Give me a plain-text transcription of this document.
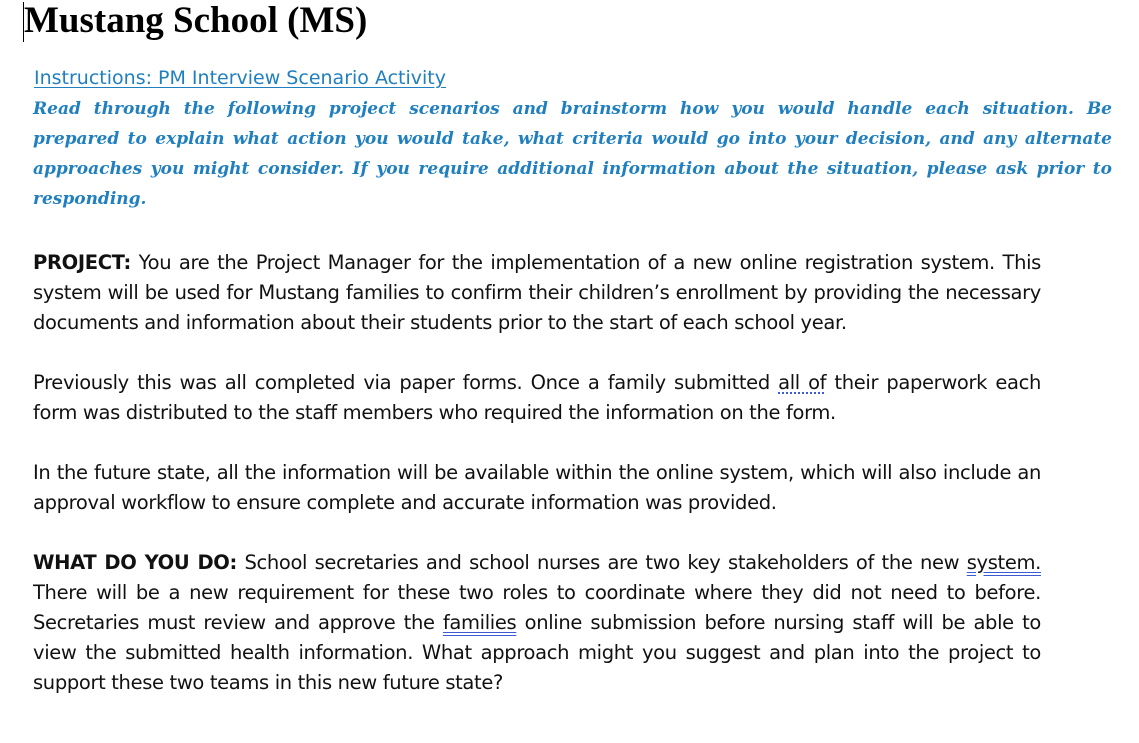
Mustang School (MS)
Instructions: PM Interview Scenario Activity

Read through the following project scenarios and brainstorm how you would handle each situation. Be prepared to explain what action you would take, what criteria would go into your decision, and any alternate approaches you might consider. If you require additional information about the situation, please ask prior to responding.

PROJECT: You are the Project Manager for the implementation of a new online registration system. This system will be used for Mustang families to confirm their children’s enrollment by providing the necessary documents and information about their students prior to the start of each school year.

Previously this was all completed via paper forms. Once a family submitted all of their paperwork each form was distributed to the staff members who required the information on the form.

In the future state, all the information will be available within the online system, which will also include an approval workflow to ensure complete and accurate information was provided.

WHAT DO YOU DO: School secretaries and school nurses are two key stakeholders of the new system. There will be a new requirement for these two roles to coordinate where they did not need to before. Secretaries must review and approve the families online submission before nursing staff will be able to view the submitted health information. What approach might you suggest and plan into the project to support these two teams in this new future state?
